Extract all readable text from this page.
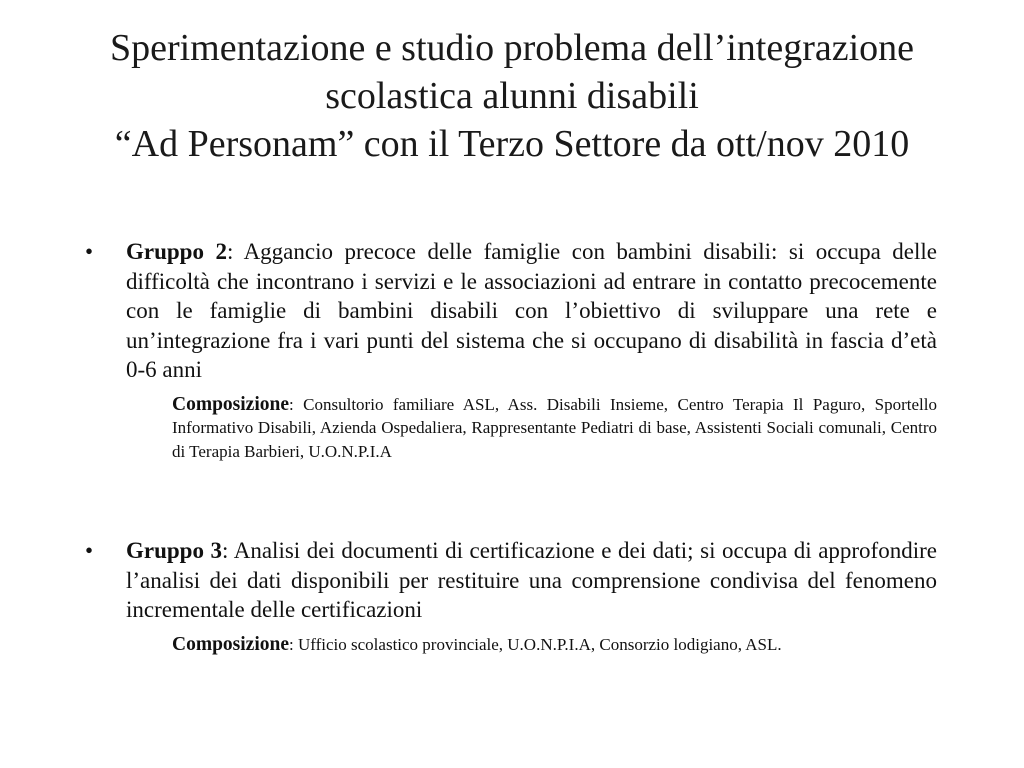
Sperimentazione e studio problema dell’integrazione
scolastica alunni disabili
“Ad Personam” con il Terzo Settore da ott/nov 2010
•	Gruppo 2: Aggancio precoce delle famiglie con bambini disabili: si occupa delle difficoltà che incontrano i servizi e le associazioni ad entrare in contatto precocemente con le famiglie di bambini disabili con l’obiettivo di sviluppare una rete e un’integrazione fra i vari punti del sistema che si occupano di disabilità in fascia d’età 0-6 anni
Composizione: Consultorio familiare ASL, Ass. Disabili Insieme, Centro Terapia Il Paguro, Sportello Informativo Disabili, Azienda Ospedaliera, Rappresentante Pediatri di base, Assistenti Sociali comunali, Centro di Terapia Barbieri, U.O.N.P.I.A
•	Gruppo 3: Analisi dei documenti di certificazione e dei dati; si occupa di approfondire l’analisi dei dati disponibili per restituire una comprensione condivisa del fenomeno incrementale delle certificazioni
Composizione: Ufficio scolastico provinciale, U.O.N.P.I.A, Consorzio lodigiano, ASL.
